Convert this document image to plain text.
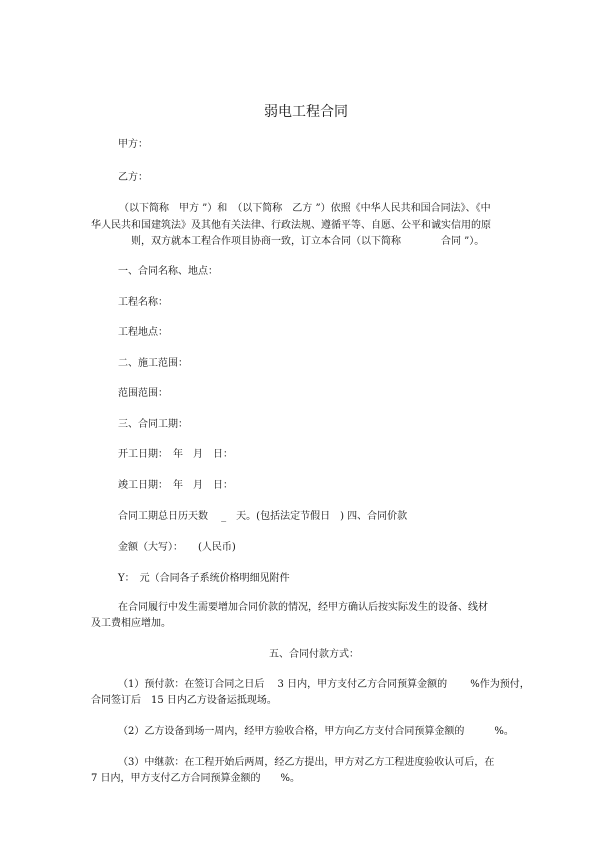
弱电工程合同
甲方：
乙方：
（以下简称　甲方 ”）和　（以下简称　乙方 ”）依照《中华人民共和国合同法》、《中
华人民共和国建筑法》及其他有关法律、行政法规、遵循平等、自愿、公平和诚实信用的原
则，双方就本工程合作项目协商一致，订立本合同（以下简称　　　　合同 ”）。
一、合同名称、地点：
工程名称：
工程地点：
二、施工范围：
范围范围：
三、合同工期：
开工日期：　年　月　日：
竣工日期：　年　月　日：
合同工期总日历天数　 _　天。(包括法定节假日　) 四、合同价款
金额（大写）：　　(人民币)
Y：　元（合同各子系统价格明细见附件
在合同履行中发生需要增加合同价款的情况，经甲方确认后按实际发生的设备、线材
及工费相应增加。
五、合同付款方式：
（1）预付款：在签订合同之日后　 3 日内，甲方支付乙方合同预算金额的　　 %作为预付，
合同签订后　15 日内乙方设备运抵现场。
（2）乙方设备到场一周内，经甲方验收合格，甲方向乙方支付合同预算金额的　　　%。
（3）中继款：在工程开始后两周，经乙方提出，甲方对乙方工程进度验收认可后，在
7 日内，甲方支付乙方合同预算金额的　　%。
